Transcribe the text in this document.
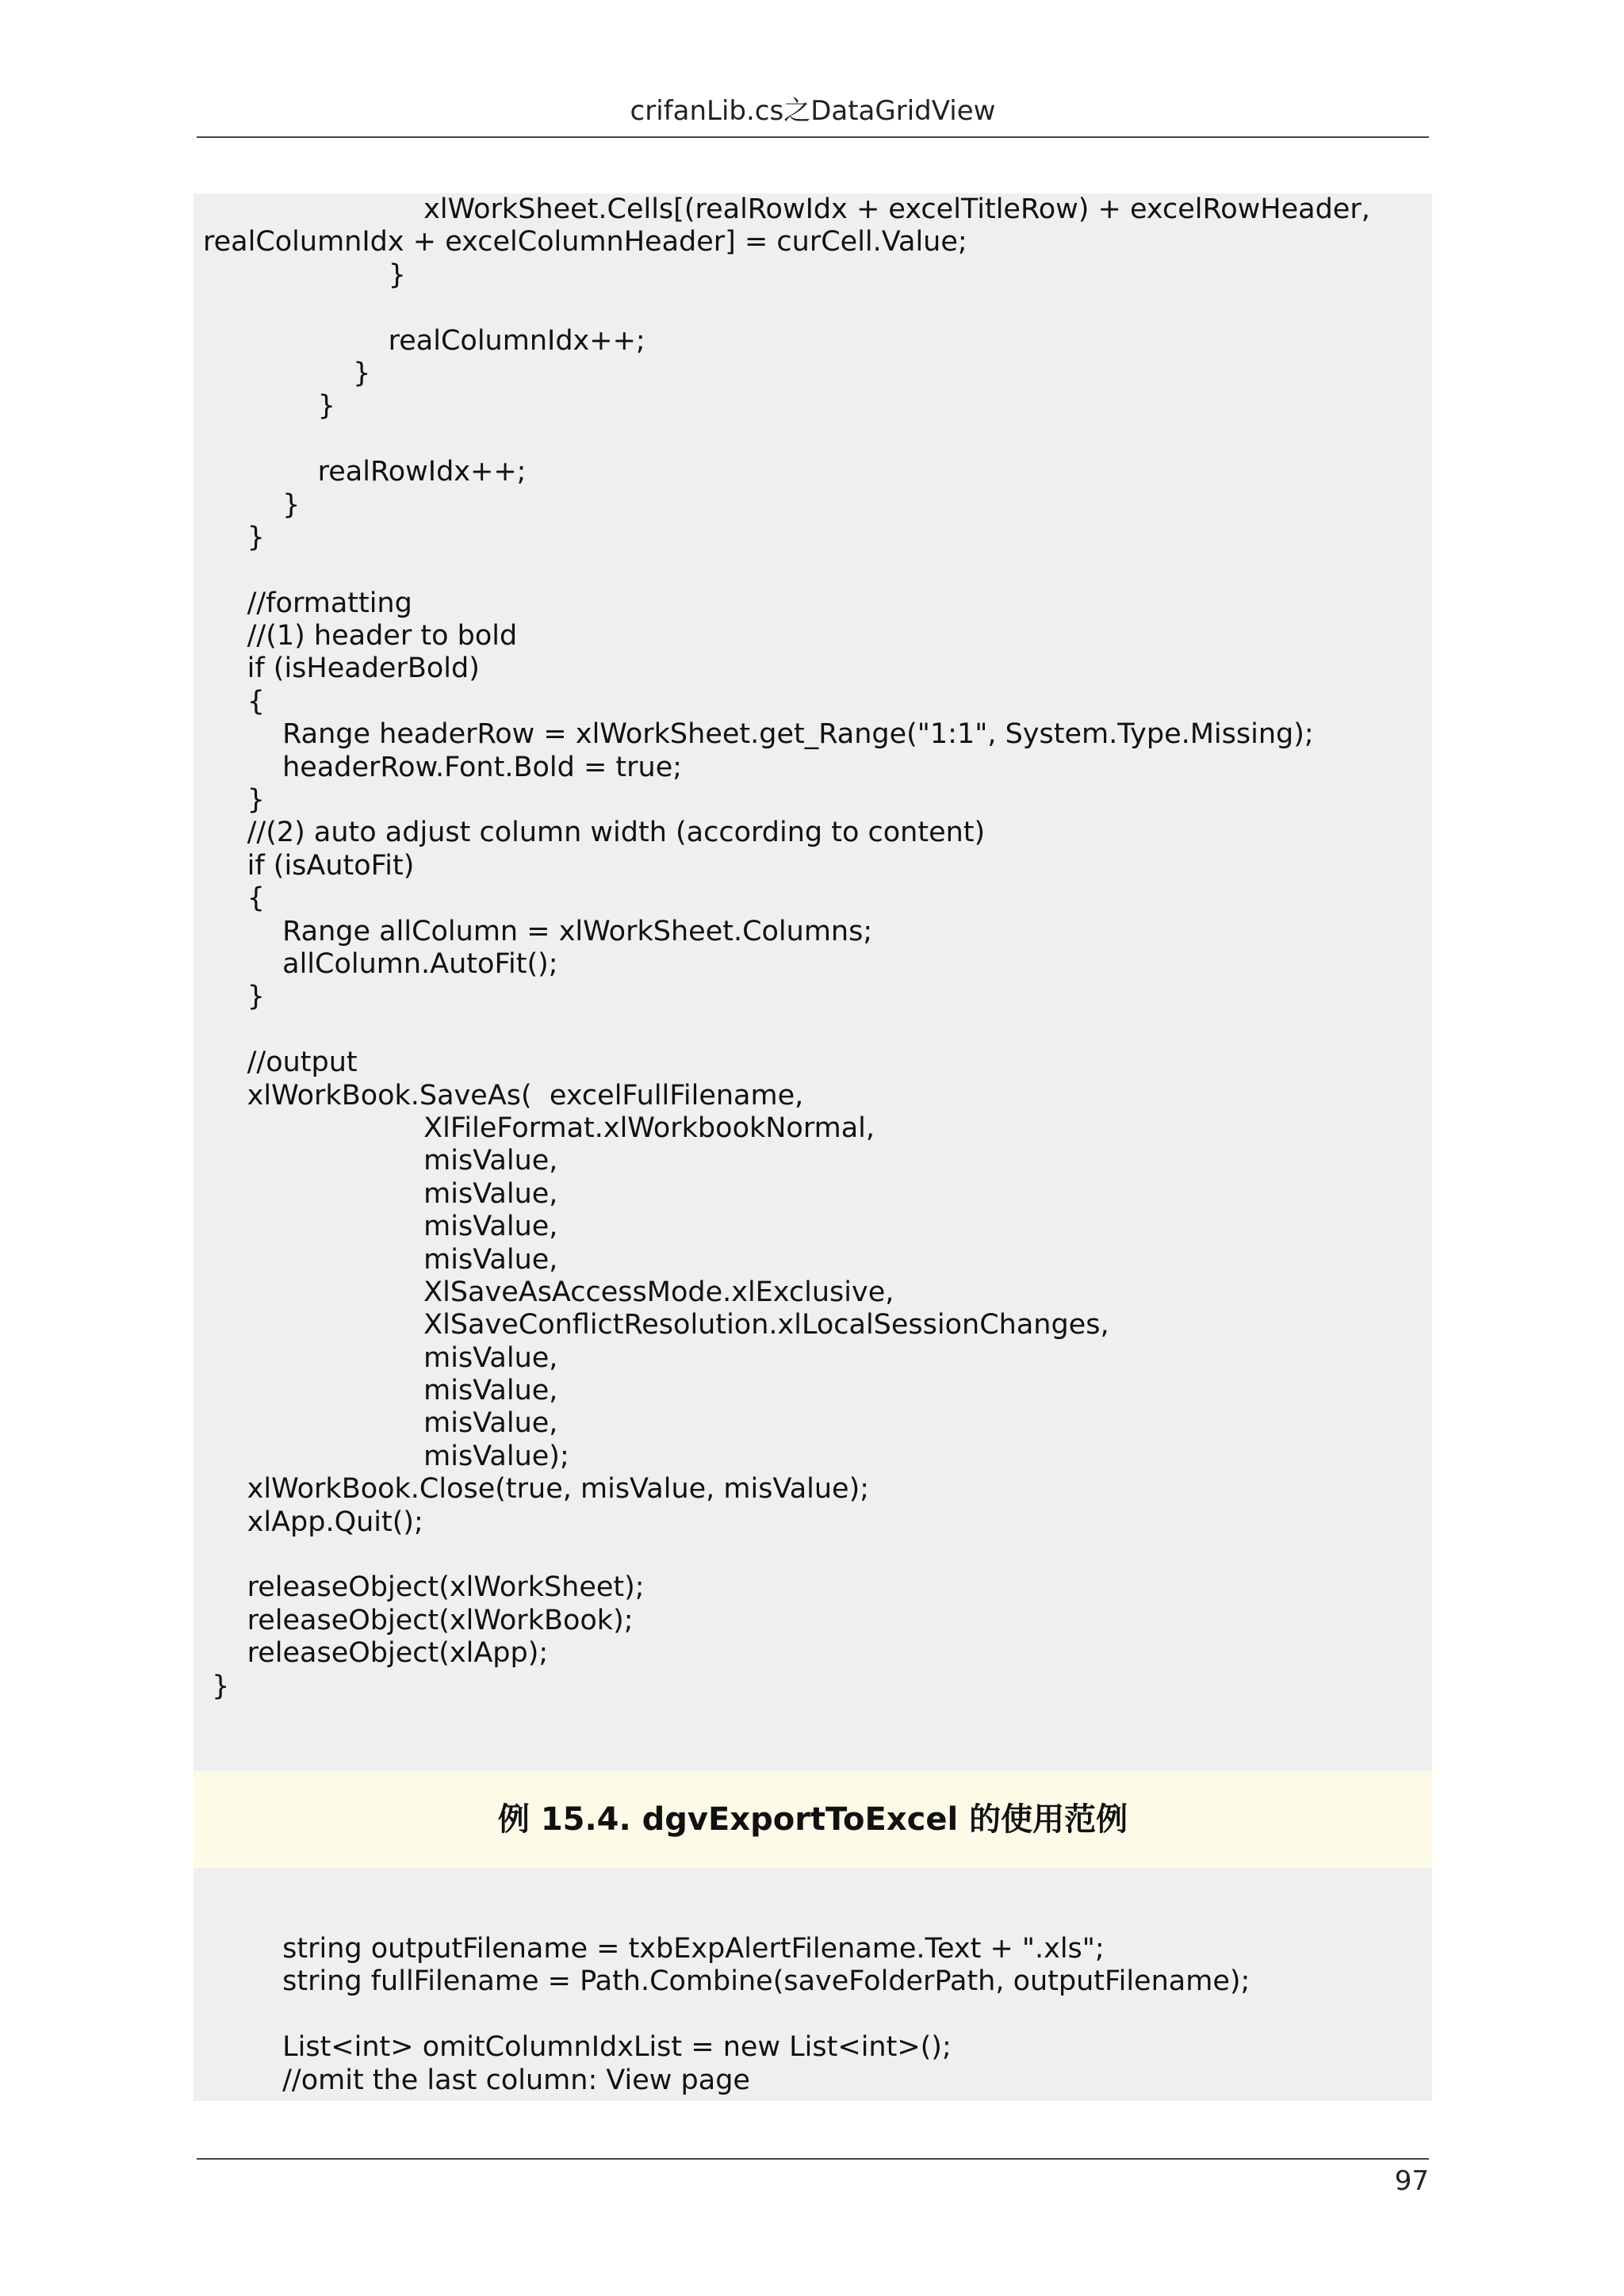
crifanLib.cs之DataGridView
xlWorkSheet.Cells[(realRowIdx + excelTitleRow) + excelRowHeader,
realColumnIdx + excelColumnHeader] = curCell.Value;
}
realColumnIdx++;
}
}
realRowIdx++;
}
}
//formatting
//(1) header to bold
if (isHeaderBold)
{
Range headerRow = xlWorkSheet.get_Range("1:1", System.Type.Missing);
headerRow.Font.Bold = true;
}
//(2) auto adjust column width (according to content)
if (isAutoFit)
{
Range allColumn = xlWorkSheet.Columns;
allColumn.AutoFit();
}
//output
xlWorkBook.SaveAs(  excelFullFilename,
XlFileFormat.xlWorkbookNormal,
misValue,
misValue,
misValue,
misValue,
XlSaveAsAccessMode.xlExclusive,
XlSaveConflictResolution.xlLocalSessionChanges,
misValue,
misValue,
misValue,
misValue);
xlWorkBook.Close(true, misValue, misValue);
xlApp.Quit();
releaseObject(xlWorkSheet);
releaseObject(xlWorkBook);
releaseObject(xlApp);
}
例 15.4. dgvExportToExcel 的使用范例
string outputFilename = txbExpAlertFilename.Text + ".xls";
string fullFilename = Path.Combine(saveFolderPath, outputFilename);
List<int> omitColumnIdxList = new List<int>();
//omit the last column: View page
97
